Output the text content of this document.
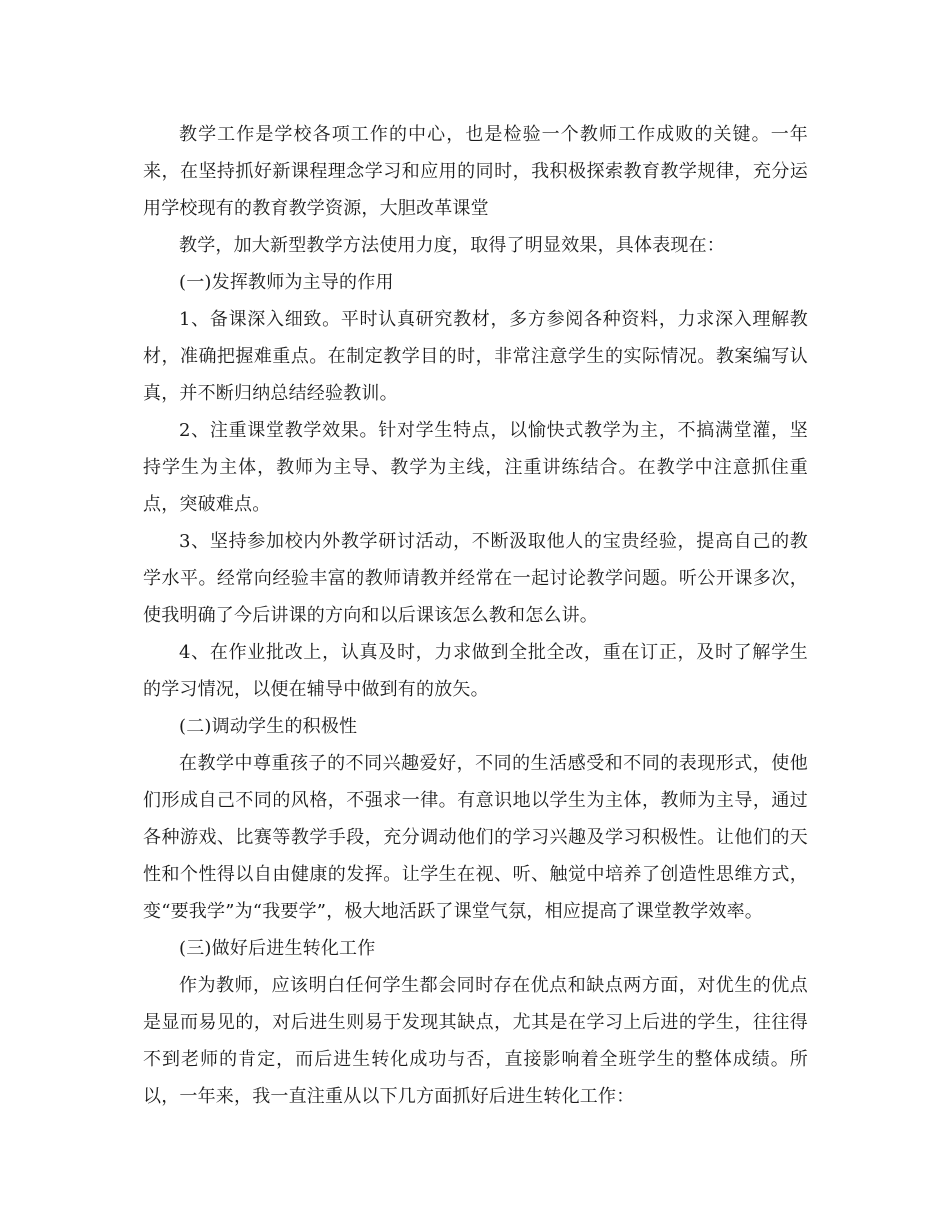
教学工作是学校各项工作的中心，也是检验一个教师工作成败的关键。一年来，在坚持抓好新课程理念学习和应用的同时，我积极探索教育教学规律，充分运用学校现有的教育教学资源，大胆改革课堂

教学，加大新型教学方法使用力度，取得了明显效果，具体表现在：

(一)发挥教师为主导的作用

1、备课深入细致。平时认真研究教材，多方参阅各种资料，力求深入理解教材，准确把握难重点。在制定教学目的时，非常注意学生的实际情况。教案编写认真，并不断归纳总结经验教训。

2、注重课堂教学效果。针对学生特点，以愉快式教学为主，不搞满堂灌，坚持学生为主体，教师为主导、教学为主线，注重讲练结合。在教学中注意抓住重点，突破难点。

3、坚持参加校内外教学研讨活动，不断汲取他人的宝贵经验，提高自己的教学水平。经常向经验丰富的教师请教并经常在一起讨论教学问题。听公开课多次，使我明确了今后讲课的方向和以后课该怎么教和怎么讲。

4、在作业批改上，认真及时，力求做到全批全改，重在订正，及时了解学生的学习情况，以便在辅导中做到有的放矢。

(二)调动学生的积极性

在教学中尊重孩子的不同兴趣爱好，不同的生活感受和不同的表现形式，使他们形成自己不同的风格，不强求一律。有意识地以学生为主体，教师为主导，通过各种游戏、比赛等教学手段，充分调动他们的学习兴趣及学习积极性。让他们的天性和个性得以自由健康的发挥。让学生在视、听、触觉中培养了创造性思维方式，变“要我学”为“我要学”，极大地活跃了课堂气氛，相应提高了课堂教学效率。

(三)做好后进生转化工作

作为教师，应该明白任何学生都会同时存在优点和缺点两方面，对优生的优点是显而易见的，对后进生则易于发现其缺点，尤其是在学习上后进的学生，往往得不到老师的肯定，而后进生转化成功与否，直接影响着全班学生的整体成绩。所以，一年来，我一直注重从以下几方面抓好后进生转化工作：
